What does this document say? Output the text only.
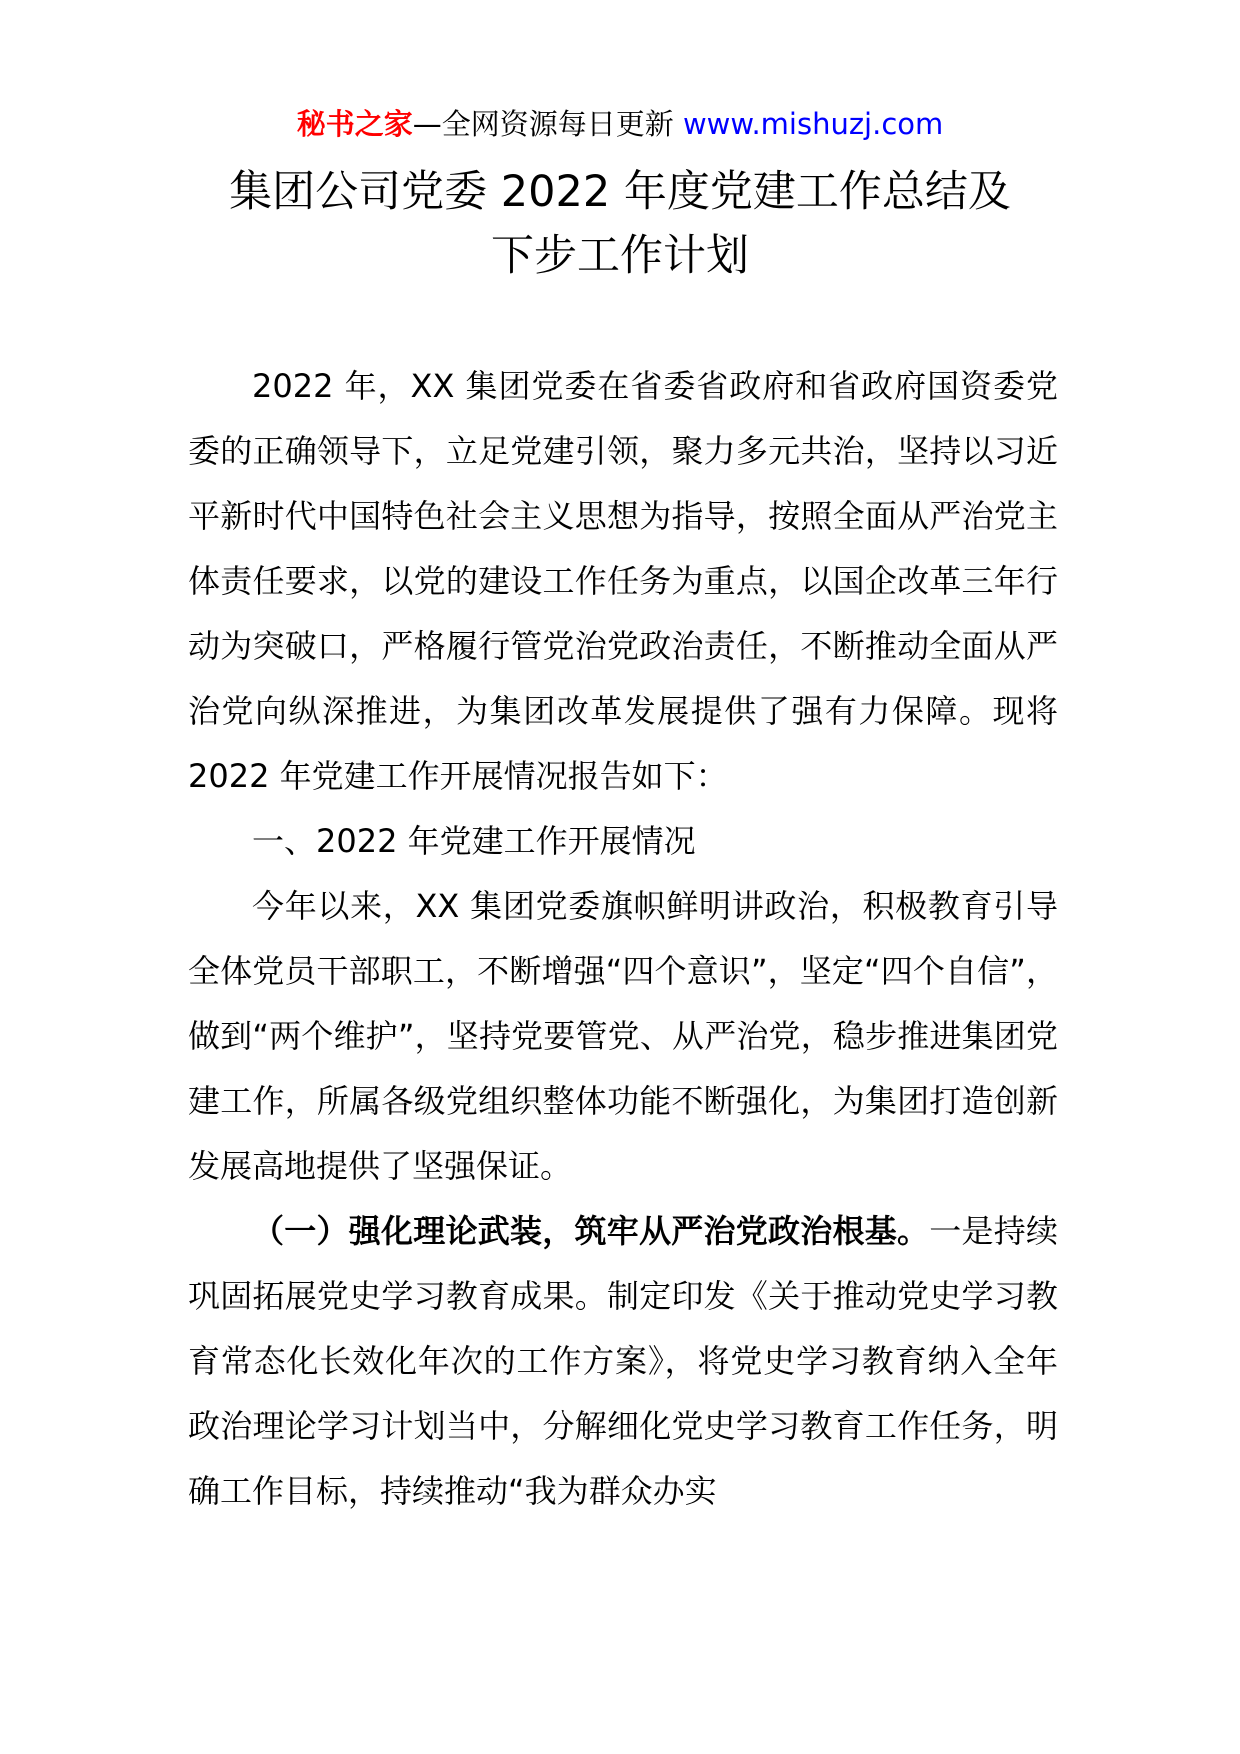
秘书之家—全网资源每日更新 www.mishuzj.com
集团公司党委 2022 年度党建工作总结及
下步工作计划

2022 年，XX 集团党委在省委省政府和省政府国资委党委的正确领导下，立足党建引领，聚力多元共治，坚持以习近平新时代中国特色社会主义思想为指导，按照全面从严治党主体责任要求，以党的建设工作任务为重点，以国企改革三年行动为突破口，严格履行管党治党政治责任，不断推动全面从严治党向纵深推进，为集团改革发展提供了强有力保障。现将 2022 年党建工作开展情况报告如下：

一、2022 年党建工作开展情况

今年以来，XX 集团党委旗帜鲜明讲政治，积极教育引导全体党员干部职工，不断增强“四个意识”，坚定“四个自信”，做到“两个维护”，坚持党要管党、从严治党，稳步推进集团党建工作，所属各级党组织整体功能不断强化，为集团打造创新发展高地提供了坚强保证。

（一）强化理论武装，筑牢从严治党政治根基。一是持续巩固拓展党史学习教育成果。制定印发《关于推动党史学习教育常态化长效化年次的工作方案》，将党史学习教育纳入全年政治理论学习计划当中，分解细化党史学习教育工作任务，明确工作目标，持续推动“我为群众办实
